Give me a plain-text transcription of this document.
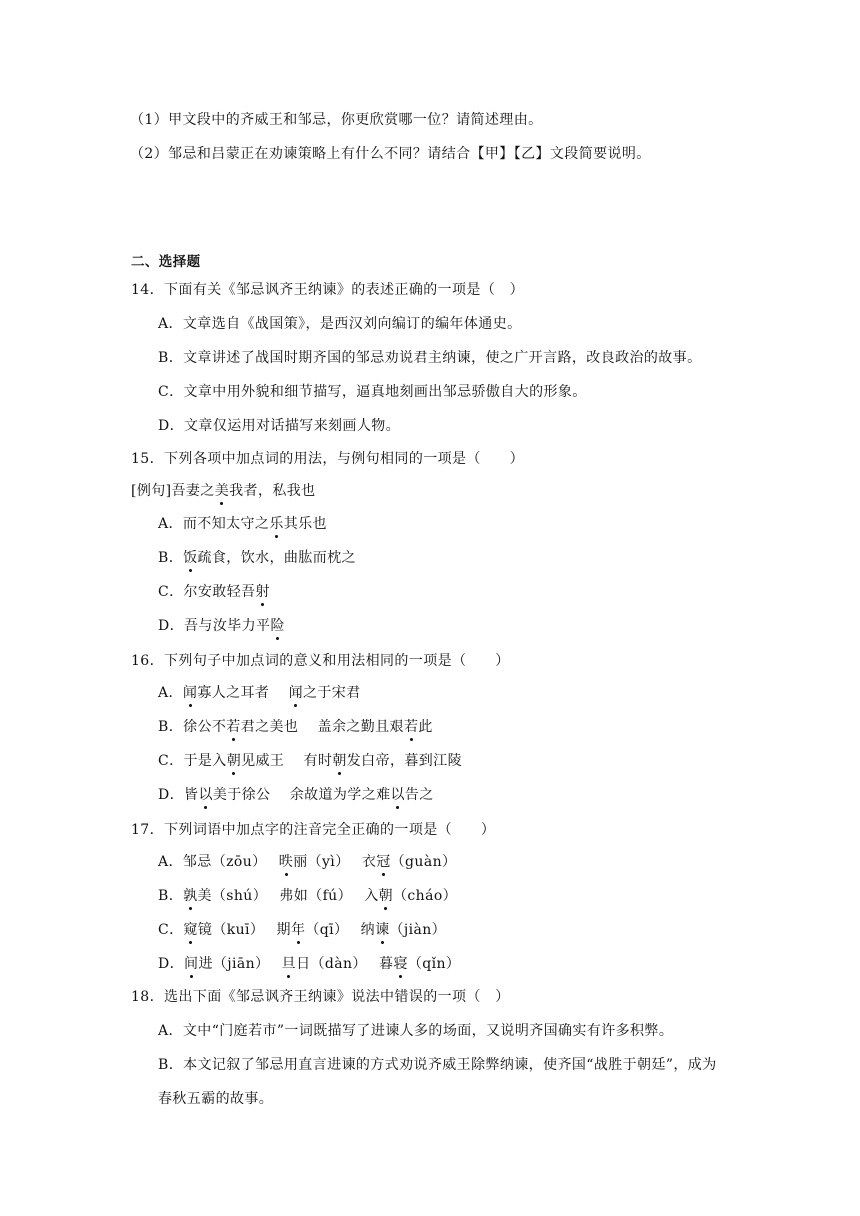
（1）甲文段中的齐威王和邹忌，你更欣赏哪一位？请简述理由。
（2）邹忌和吕蒙正在劝谏策略上有什么不同？请结合【甲】【乙】文段简要说明。
二、选择题
14．下面有关《邹忌讽齐王纳谏》的表述正确的一项是（　）
A．文章选自《战国策》，是西汉刘向编订的编年体通史。
B．文章讲述了战国时期齐国的邹忌劝说君主纳谏，使之广开言路，改良政治的故事。
C．文章中用外貌和细节描写，逼真地刻画出邹忌骄傲自大的形象。
D．文章仅运用对话描写来刻画人物。
15．下列各项中加点词的用法，与例句相同的一项是（　　）
[例句]吾妻之美我者，私我也
A．而不知太守之乐其乐也
B．饭疏食，饮水，曲肱而枕之
C．尔安敢轻吾射
D．吾与汝毕力平险
16．下列句子中加点词的意义和用法相同的一项是（　　）
A．闻寡人之耳者　 闻之于宋君
B．徐公不若君之美也　 盖余之勤且艰若此
C．于是入朝见威王　 有时朝发白帝，暮到江陵
D．皆以美于徐公　 余故道为学之难以告之
17．下列词语中加点字的注音完全正确的一项是（　　）
A．邹忌（zōu）　 昳丽（yì）　 衣冠（guàn）
B．孰美（shú）　 弗如（fú）　 入朝（cháo）
C．窥镜（kuī）　 期年（qī）　 纳谏（jiàn）
D．间进（jiān）　 旦日（dàn）　 暮寝（qǐn）
18．选出下面《邹忌讽齐王纳谏》说法中错误的一项（　）
A．文中“门庭若市”一词既描写了进谏人多的场面，又说明齐国确实有许多积弊。
B．本文记叙了邹忌用直言进谏的方式劝说齐威王除弊纳谏，使齐国“战胜于朝廷”，成为春秋五霸的故事。
